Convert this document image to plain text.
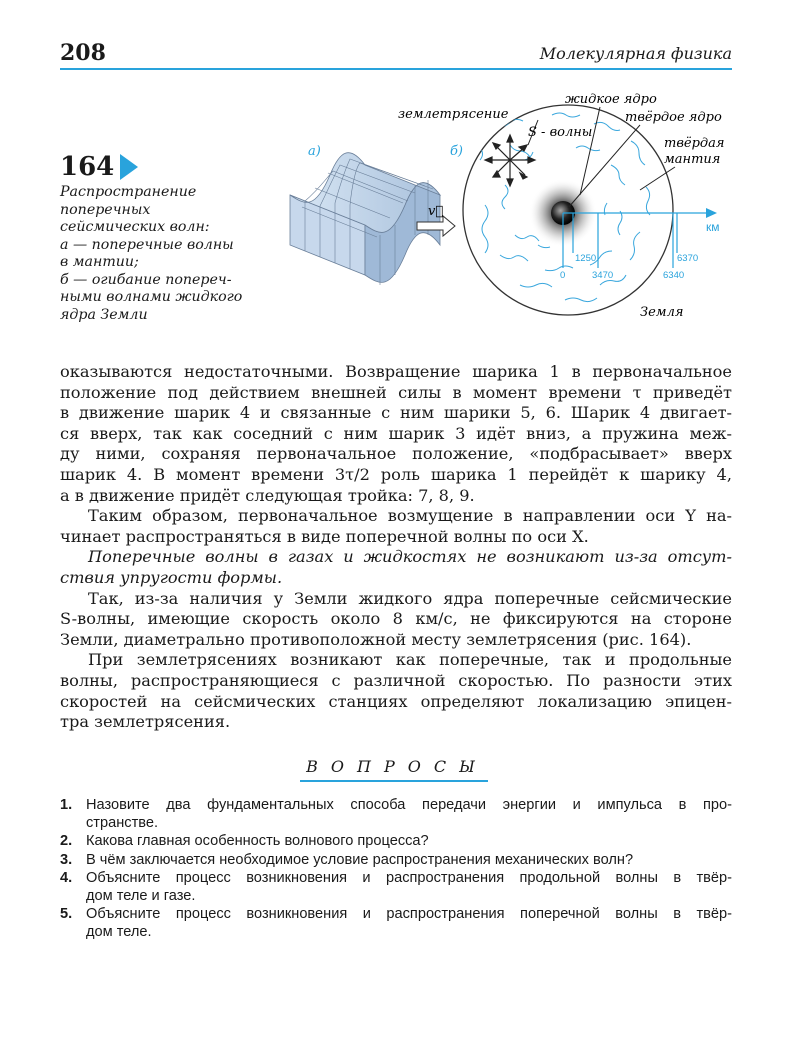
208	Молекулярная физика
164
Распространение
поперечных
сейсмических волн:
а — поперечные волны
в мантии;
б — огибание попереч-
ными волнами жидкого
ядра Земли
v⃗
а)	б)
землетрясение
S - волны
жидкое ядро
твёрдое ядро
твёрдая
мантия
Земля
км
0
1250
3470	6340
6370
оказываются недостаточными. Возвращение шарика 1 в первоначальное
положение под действием внешней силы в момент времени τ приведёт
в движение шарик 4 и связанные с ним шарики 5, 6. Шарик 4 двигает-
ся вверх, так как соседний с ним шарик 3 идёт вниз, а пружина меж-
ду ними, сохраняя первоначальное положение, «подбрасывает» вверх
шарик 4. В момент времени 3τ/2 роль шарика 1 перейдёт к шарику 4,
а в движение придёт следующая тройка: 7, 8, 9.
Таким образом, первоначальное возмущение в направлении оси Y на-
чинает распространяться в виде поперечной волны по оси X.
Поперечные волны в газах и жидкостях не возникают из-за отсут-
ствия упругости формы.
Так, из-за наличия у Земли жидкого ядра поперечные сейсмические
S-волны, имеющие скорость около 8 км/с, не фиксируются на стороне
Земли, диаметрально противоположной месту землетрясения (рис. 164).
При землетрясениях возникают как поперечные, так и продольные
волны, распространяющиеся с различной скоростью. По разности этих
скоростей на сейсмических станциях определяют локализацию эпицен-
тра землетрясения.
ВОПРОСЫ
1. Назовите два фундаментальных способа передачи энергии и импульса в про-
странстве.
2. Какова главная особенность волнового процесса?
3. В чём заключается необходимое условие распространения механических волн?
4. Объясните процесс возникновения и распространения продольной волны в твёр-
дом теле и газе.
5. Объясните процесс возникновения и распространения поперечной волны в твёр-
дом теле.
